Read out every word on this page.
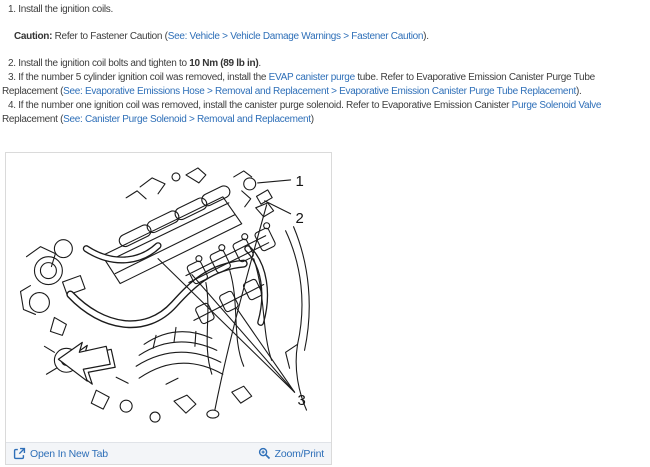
1. Install the ignition coils.

Caution: Refer to Fastener Caution (See: Vehicle > Vehicle Damage Warnings > Fastener Caution).

2. Install the ignition coil bolts and tighten to 10 Nm (89 lb in).

3. If the number 5 cylinder ignition coil was removed, install the EVAP canister purge tube. Refer to Evaporative Emission Canister Purge Tube Replacement (See: Evaporative Emissions Hose > Removal and Replacement > Evaporative Emission Canister Purge Tube Replacement).

4. If the number one ignition coil was removed, install the canister purge solenoid. Refer to Evaporative Emission Canister Purge Solenoid Valve Replacement (See: Canister Purge Solenoid > Removal and Replacement)

1
2
3
Open In New Tab	Zoom/Print
